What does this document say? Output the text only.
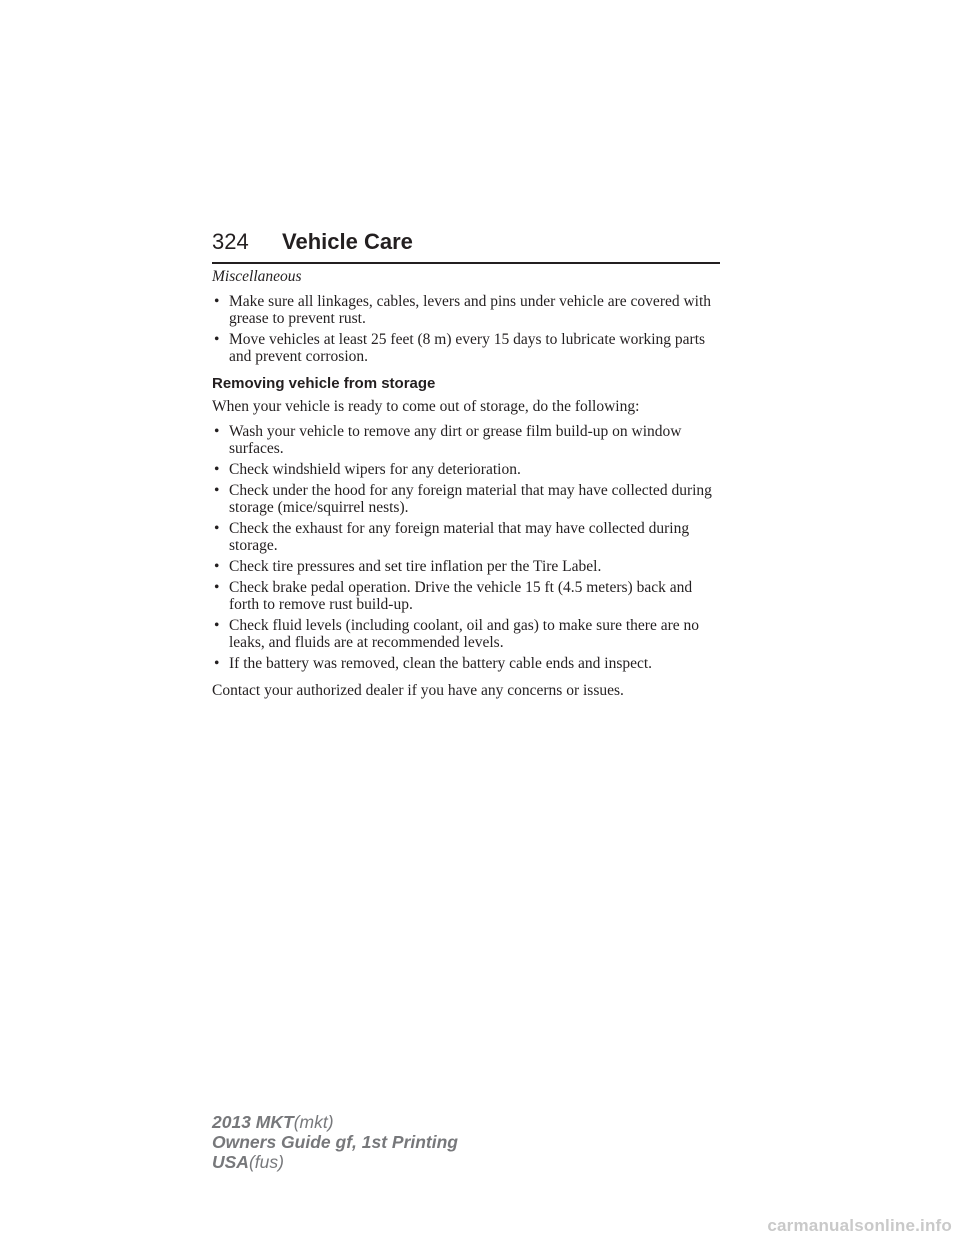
324 Vehicle Care

Miscellaneous

• Make sure all linkages, cables, levers and pins under vehicle are covered with grease to prevent rust.
• Move vehicles at least 25 feet (8 m) every 15 days to lubricate working parts and prevent corrosion.

Removing vehicle from storage

When your vehicle is ready to come out of storage, do the following:

• Wash your vehicle to remove any dirt or grease film build-up on window surfaces.
• Check windshield wipers for any deterioration.
• Check under the hood for any foreign material that may have collected during storage (mice/squirrel nests).
• Check the exhaust for any foreign material that may have collected during storage.
• Check tire pressures and set tire inflation per the Tire Label.
• Check brake pedal operation. Drive the vehicle 15 ft (4.5 meters) back and forth to remove rust build-up.
• Check fluid levels (including coolant, oil and gas) to make sure there are no leaks, and fluids are at recommended levels.
• If the battery was removed, clean the battery cable ends and inspect.

Contact your authorized dealer if you have any concerns or issues.

2013 MKT(mkt)
Owners Guide gf, 1st Printing
USA(fus)
carmanualsonline.info
